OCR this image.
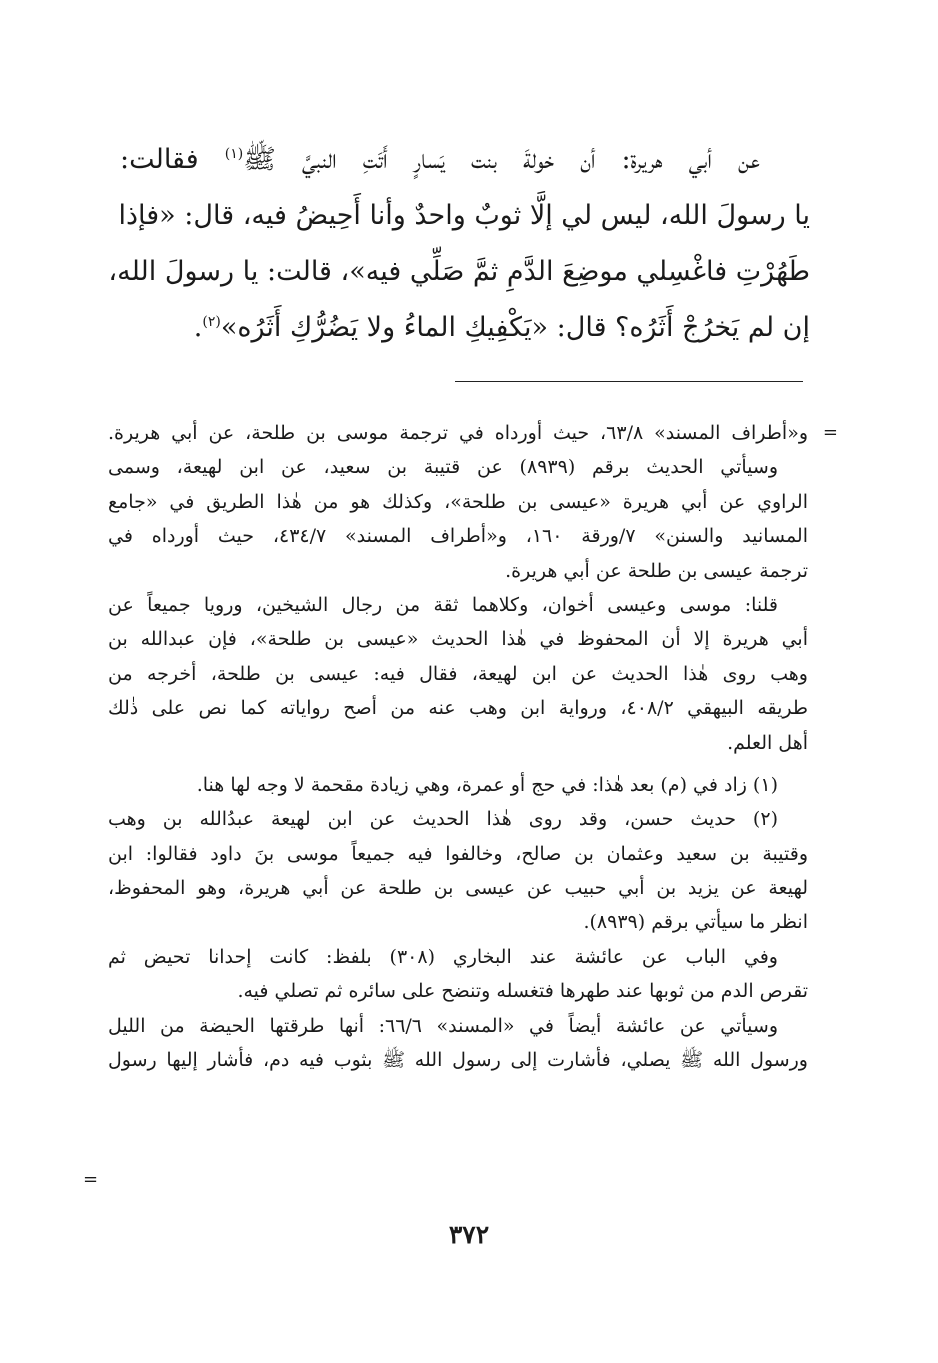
عن أبي هريرة: أن خولةَ بنت يَسارٍ أَتَتِ النبيَّ ﷺ$^{(١)}$ فقالت:
يا رسولَ الله، ليس لي إلَّا ثوبٌ واحدٌ وأنا أَحِيضُ فيه، قال: «فإذا
طَهُرْتِ فاغْسِلي موضِعَ الدَّمِ ثمَّ صَلِّي فيه»، قالت: يا رسولَ الله،
إن لم يَخرُجْ أَثَرُه؟ قال: «يَكْفِيكِ الماءُ ولا يَضُرُّكِ أَثَرُه»$^{(٢)}$.
=
و«أطراف المسند» ٦٣/٨، حيث أورداه في ترجمة موسى بن طلحة، عن أبي هريرة.
وسيأتي الحديث برقم (٨٩٣٩) عن قتيبة بن سعيد، عن ابن لهيعة، وسمى
الراوي عن أبي هريرة «عيسى بن طلحة»، وكذلك هو من هٰذا الطريق في «جامع
المسانيد والسنن» ٧/ورقة ١٦٠، و«أطراف المسند» ٤٣٤/٧، حيث أورداه في
ترجمة عيسى بن طلحة عن أبي هريرة.
قلنا: موسى وعيسى أخوان، وكلاهما ثقة من رجال الشيخين، ورويا جميعاً عن
أبي هريرة إلا أن المحفوظ في هٰذا الحديث «عيسى بن طلحة»، فإن عبدالله بن
وهب روى هٰذا الحديث عن ابن لهيعة، فقال فيه: عيسى بن طلحة، أخرجه من
طريقه البيهقي ٤٠٨/٢، ورواية ابن وهب عنه من أصح رواياته كما نص على ذٰلك
أهل العلم.
(١) زاد في (م) بعد هٰذا: في حج أو عمرة، وهي زيادة مقحمة لا وجه لها هنا.
(٢) حديث حسن، وقد روى هٰذا الحديث عن ابن لهيعة عبدُالله بن وهب
وقتيبة بن سعيد وعثمان بن صالح، وخالفوا فيه جميعاً موسى بنَ داود فقالوا: ابن
لهيعة عن يزيد بن أبي حبيب عن عيسى بن طلحة عن أبي هريرة، وهو المحفوظ،
انظر ما سيأتي برقم (٨٩٣٩).
وفي الباب عن عائشة عند البخاري (٣٠٨) بلفظ: كانت إحدانا تحيض ثم
تقرص الدم من ثوبها عند طهرها فتغسله وتنضح على سائره ثم تصلي فيه.
وسيأتي عن عائشة أيضاً في «المسند» ٦٦/٦: أنها طرقتها الحيضة من الليل
ورسول الله ﷺ يصلي، فأشارت إلى رسول الله ﷺ بثوب فيه دم، فأشار إليها رسول
=
٣٧٢
